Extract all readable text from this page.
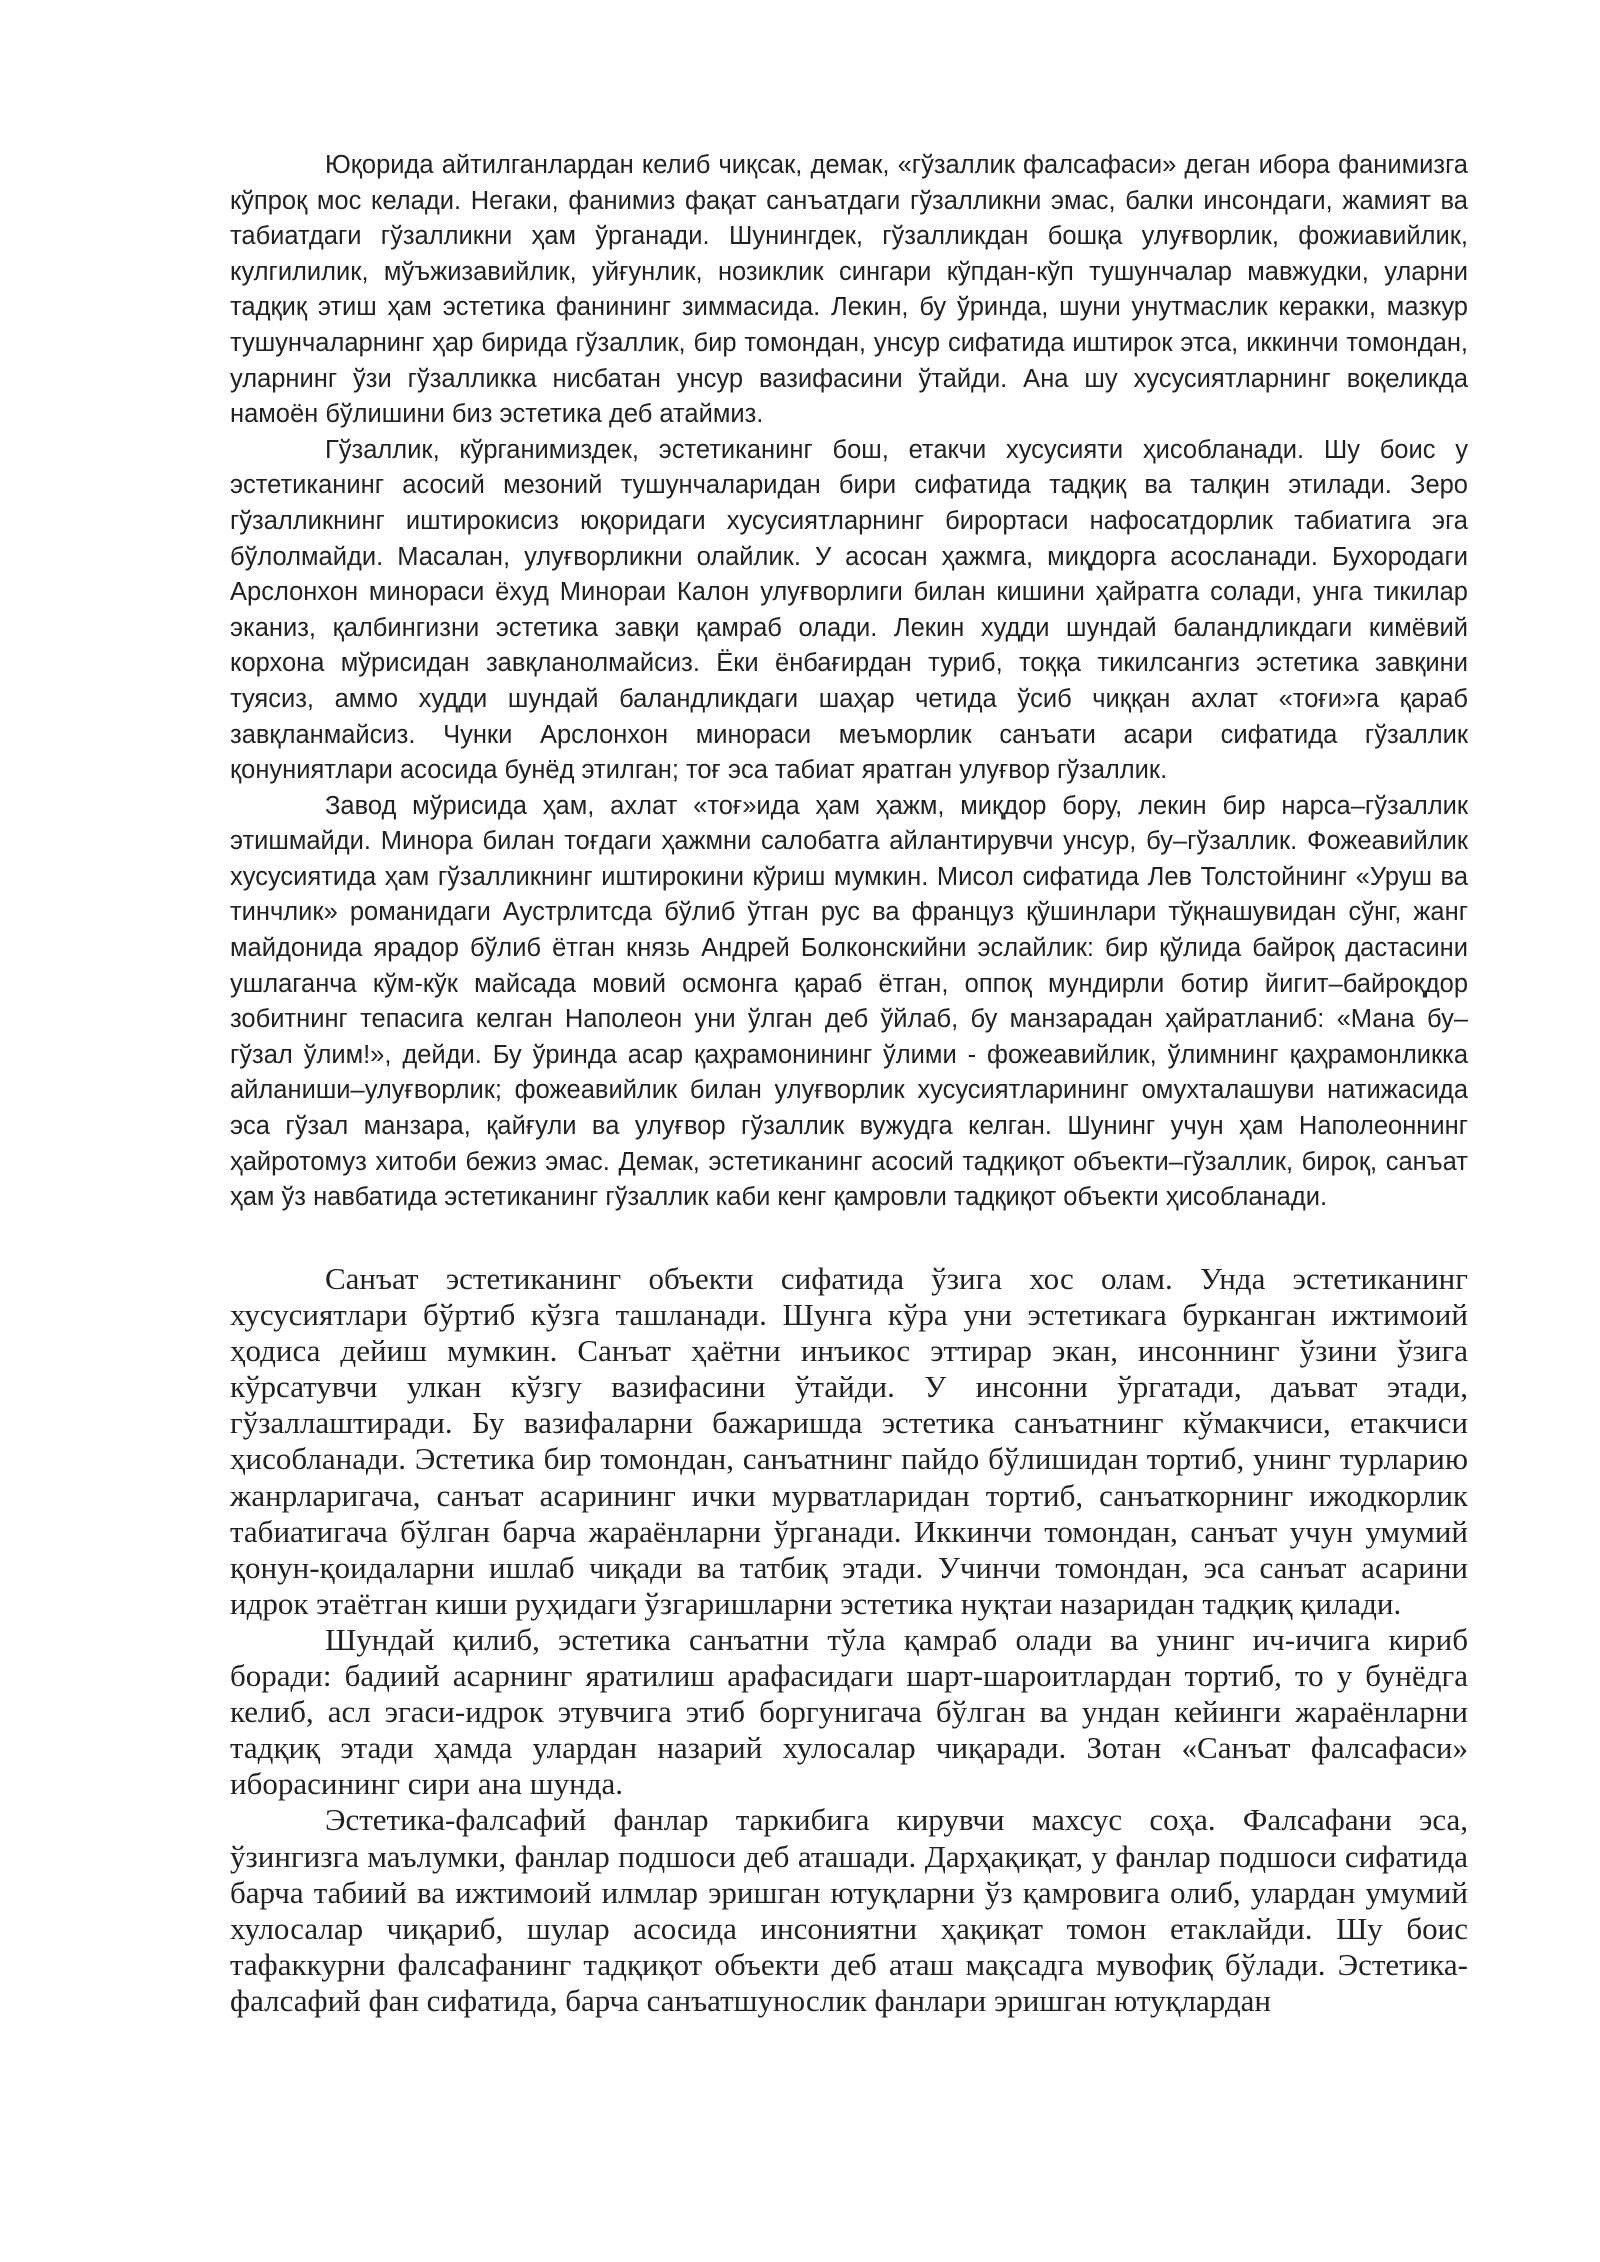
Юқорида айтилганлардан келиб чиқсак, демак, «гўзаллик фалсафаси» деган ибора фанимизга кўпроқ мос келади. Негаки, фанимиз фақат санъатдаги гўзалликни эмас, балки инсондаги, жамият ва табиатдаги гўзалликни ҳам ўрганади. Шунингдек, гўзалликдан бошқа улуғворлик, фожиавийлик, кулгилилик, мўъжизавийлик, уйғунлик, нозиклик сингари кўпдан-кўп тушунчалар мавжудки, уларни тадқиқ этиш ҳам эстетика фанининг зиммасида. Лекин, бу ўринда, шуни унутмаслик керакки, мазкур тушунчаларнинг ҳар бирида гўзаллик, бир томондан, унсур сифатида иштирок этса, иккинчи томондан, уларнинг ўзи гўзалликка нисбатан унсур вазифасини ўтайди. Ана шу хусусиятларнинг воқеликда намоён бўлишини биз эстетика деб атаймиз.

Гўзаллик, кўрганимиздек, эстетиканинг бош, етакчи хусусияти ҳисобланади. Шу боис у эстетиканинг асосий мезоний тушунчаларидан бири сифатида тадқиқ ва талқин этилади. Зеро гўзалликнинг иштирокисиз юқоридаги хусусиятларнинг бирортаси нафосатдорлик табиатига эга бўлолмайди. Масалан, улуғворликни олайлик. У асосан ҳажмга, миқдорга асосланади. Бухородаги Арслонхон минораси ёхуд Минораи Калон улуғворлиги билан кишини ҳайратга солади, унга тикилар эканиз, қалбингизни эстетика завқи қамраб олади. Лекин худди шундай баландликдаги кимёвий корхона мўрисидан завқланолмайсиз. Ёки ёнбағирдан туриб, тоққа тикилсангиз эстетика завқини туясиз, аммо худди шундай баландликдаги шаҳар четида ўсиб чиққан ахлат «тоғи»га қараб завқланмайсиз. Чунки Арслонхон минораси меъморлик санъати асари сифатида гўзаллик қонуниятлари асосида бунёд этилган; тоғ эса табиат яратган улуғвор гўзаллик.

Завод мўрисида ҳам, ахлат «тоғ»ида ҳам ҳажм, миқдор бору, лекин бир нарса–гўзаллик этишмайди. Минора билан тоғдаги ҳажмни салобатга айлантирувчи унсур, бу–гўзаллик. Фожеавийлик хусусиятида ҳам гўзалликнинг иштирокини кўриш мумкин. Мисол сифатида Лев Толстойнинг «Уруш ва тинчлик» романидаги Аустрлитсда бўлиб ўтган рус ва француз қўшинлари тўқнашувидан сўнг, жанг майдонида ярадор бўлиб ётган князь Андрей Болконскийни эслайлик: бир қўлида байроқ дастасини ушлаганча кўм-кўк майсада мовий осмонга қараб ётган, оппоқ мундирли ботир йигит–байроқдор зобитнинг тепасига келган Наполеон уни ўлган деб ўйлаб, бу манзарадан ҳайратланиб: «Мана бу–гўзал ўлим!», дейди. Бу ўринда асар қаҳрамонининг ўлими - фожеавийлик, ўлимнинг қаҳрамонликка айланиши–улуғворлик; фожеавийлик билан улуғворлик хусусиятларининг омухталашуви натижасида эса гўзал манзара, қайғули ва улуғвор гўзаллик вужудга келган. Шунинг учун ҳам Наполеоннинг ҳайротомуз хитоби бежиз эмас. Демак, эстетиканинг асосий тадқиқот объекти–гўзаллик, бироқ, санъат ҳам ўз навбатида эстетиканинг гўзаллик каби кенг қамровли тадқиқот объекти ҳисобланади.

Санъат эстетиканинг объекти сифатида ўзига хос олам. Унда эстетиканинг хусусиятлари бўртиб кўзга ташланади. Шунга кўра уни эстетикага бурканган ижтимоий ҳодиса дейиш мумкин. Санъат ҳаётни инъикос эттирар экан, инсоннинг ўзини ўзига кўрсатувчи улкан кўзгу вазифасини ўтайди. У инсонни ўргатади, даъват этади, гўзаллаштиради. Бу вазифаларни бажаришда эстетика санъатнинг кўмакчиси, етакчиси ҳисобланади. Эстетика бир томондан, санъатнинг пайдо бўлишидан тортиб, унинг турларию жанрларигача, санъат асарининг ички мурватларидан тортиб, санъаткорнинг ижодкорлик табиатигача бўлган барча жараёнларни ўрганади. Иккинчи томондан, санъат учун умумий қонун-қоидаларни ишлаб чиқади ва татбиқ этади. Учинчи томондан, эса санъат асарини идрок этаётган киши руҳидаги ўзгаришларни эстетика нуқтаи назаридан тадқиқ қилади.

Шундай қилиб, эстетика санъатни тўла қамраб олади ва унинг ич-ичига кириб боради: бадиий асарнинг яратилиш арафасидаги шарт-шароитлардан тортиб, то у бунёдга келиб, асл эгаси-идрок этувчига этиб боргунигача бўлган ва ундан кейинги жараёнларни тадқиқ этади ҳамда улардан назарий хулосалар чиқаради. Зотан «Санъат фалсафаси» иборасининг сири ана шунда.

Эстетика-фалсафий фанлар таркибига кирувчи махсус соҳа. Фалсафани эса, ўзингизга маълумки, фанлар подшоси деб аташади. Дарҳақиқат, у фанлар подшоси сифатида барча табиий ва ижтимоий илмлар эришган ютуқларни ўз қамровига олиб, улардан умумий хулосалар чиқариб, шулар асосида инсониятни ҳақиқат томон етаклайди. Шу боис тафаккурни фалсафанинг тадқиқот объекти деб аташ мақсадга мувофиқ бўлади. Эстетика-фалсафий фан сифатида, барча санъатшунослик фанлари эришган ютуқлардан
